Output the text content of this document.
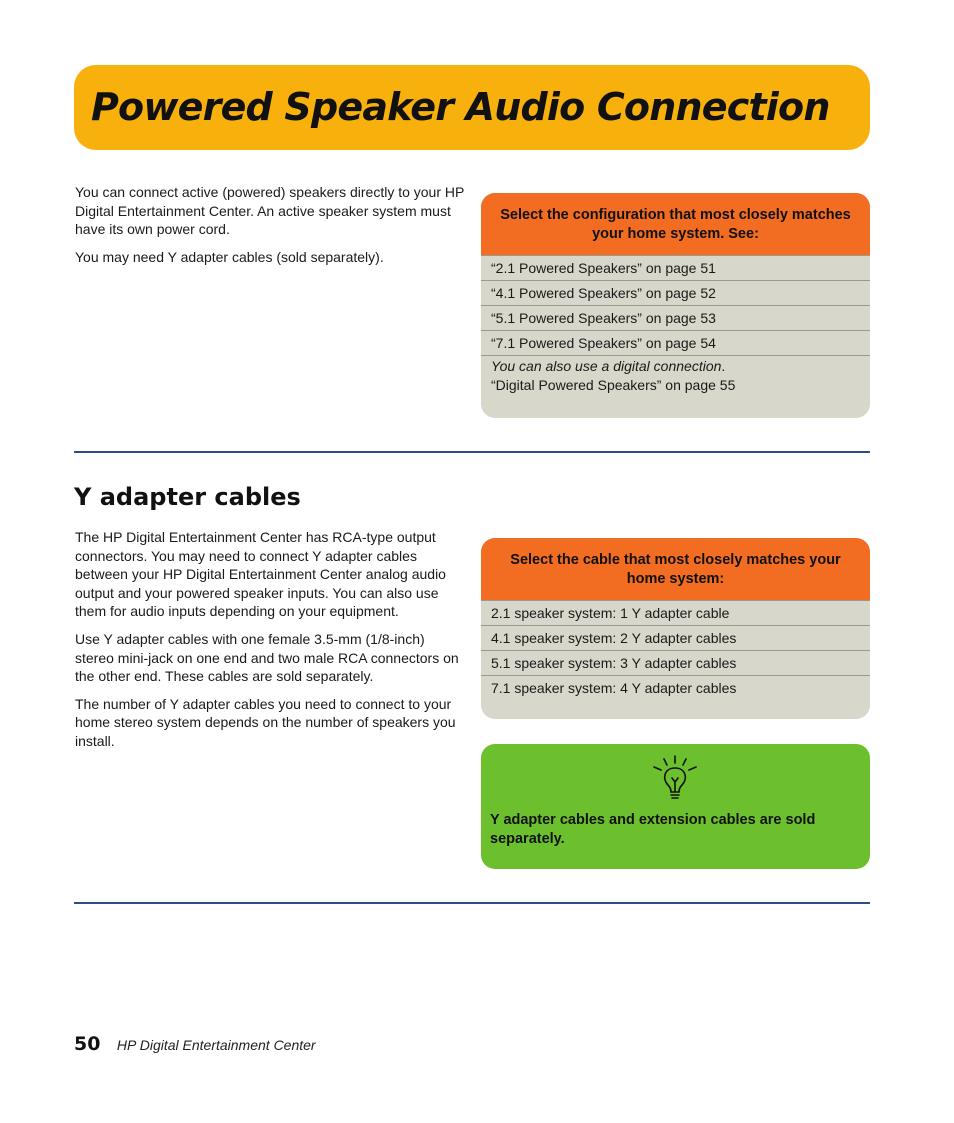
Powered Speaker Audio Connection

You can connect active (powered) speakers directly to your HP Digital Entertainment Center. An active speaker system must have its own power cord.

You may need Y adapter cables (sold separately).

Select the configuration that most closely matches your home system. See:
“2.1 Powered Speakers” on page 51
“4.1 Powered Speakers” on page 52
“5.1 Powered Speakers” on page 53
“7.1 Powered Speakers” on page 54
You can also use a digital connection.
“Digital Powered Speakers” on page 55
Y adapter cables

The HP Digital Entertainment Center has RCA-type output connectors. You may need to connect Y adapter cables between your HP Digital Entertainment Center analog audio output and your powered speaker inputs. You can also use them for audio inputs depending on your equipment.

Use Y adapter cables with one female 3.5-mm (1/8-inch) stereo mini-jack on one end and two male RCA connectors on the other end. These cables are sold separately.

The number of Y adapter cables you need to connect to your home stereo system depends on the number of speakers you install.

Select the cable that most closely matches your home system:
2.1 speaker system: 1 Y adapter cable
4.1 speaker system: 2 Y adapter cables
5.1 speaker system: 3 Y adapter cables
7.1 speaker system: 4 Y adapter cables
Y adapter cables and extension cables are sold separately.
50 HP Digital Entertainment Center
